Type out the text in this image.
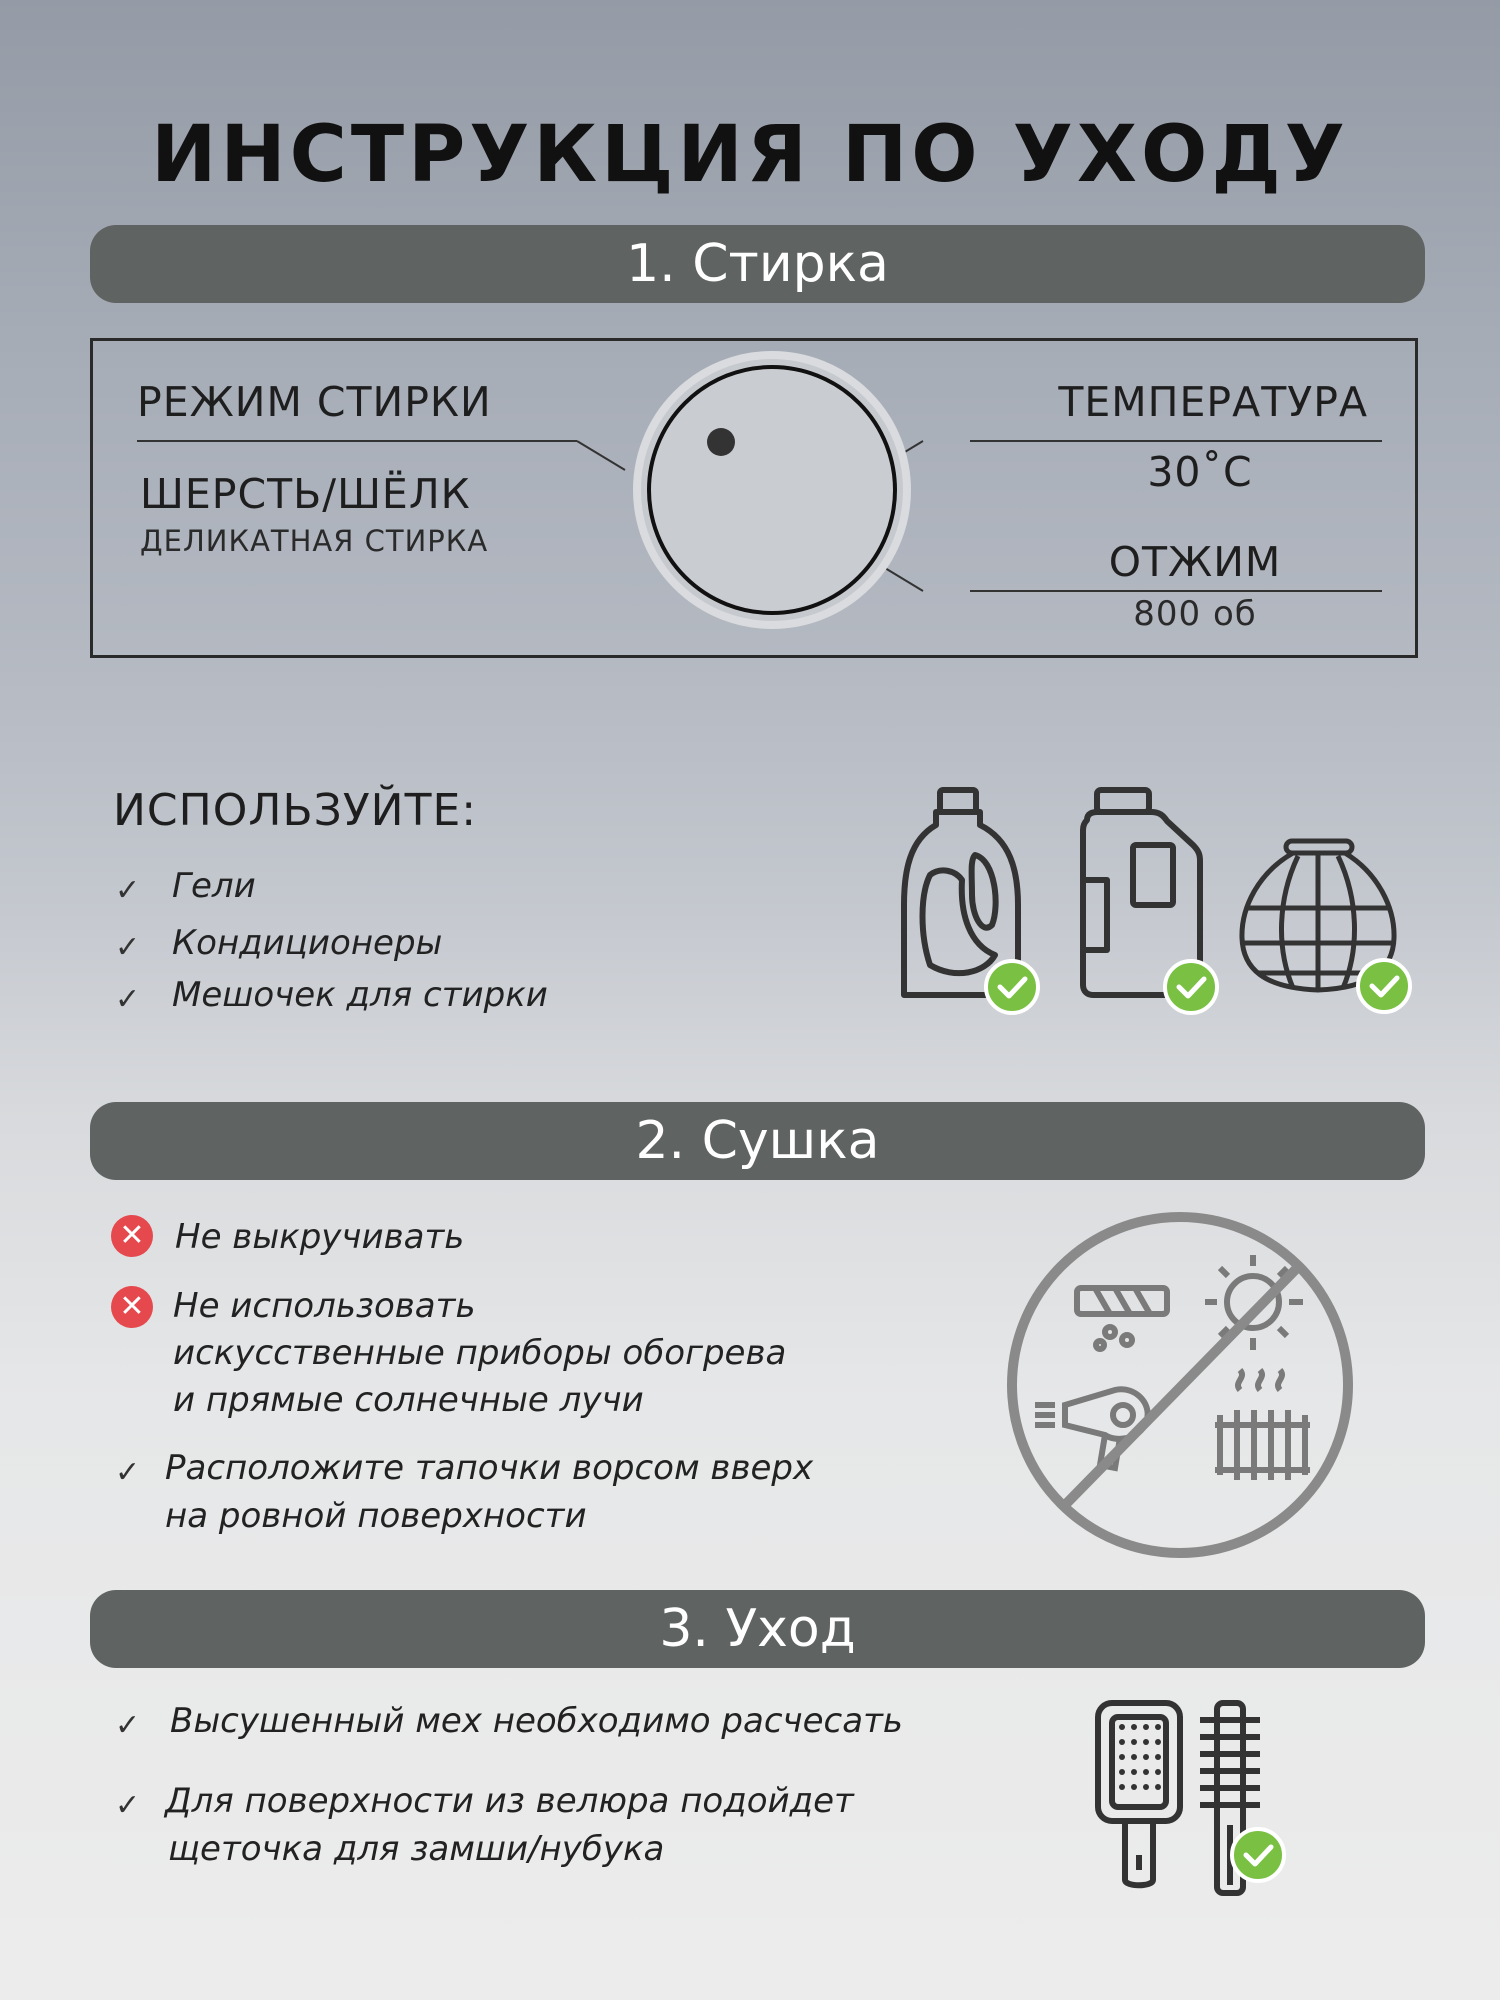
ИНСТРУКЦИЯ ПО УХОДУ
1. Стирка
РЕЖИМ СТИРКИ
ШЕРСТЬ/ШЁЛК
ДЕЛИКАТНАЯ СТИРКА
ТЕМПЕРАТУРА
30˚С
ОТЖИМ
800 об
ИСПОЛЬЗУЙТЕ:
✓ Гели
✓ Кондиционеры
✓ Мешочек для стирки
2. Сушка
✕ Не выкручивать
✕ Не использовать
искусственные приборы обогрева
и прямые солнечные лучи
✓ Расположите тапочки ворсом вверх
на ровной поверхности
3. Уход
✓ Высушенный мех необходимо расчесать
✓ Для поверхности из велюра подойдет
щеточка для замши/нубука
